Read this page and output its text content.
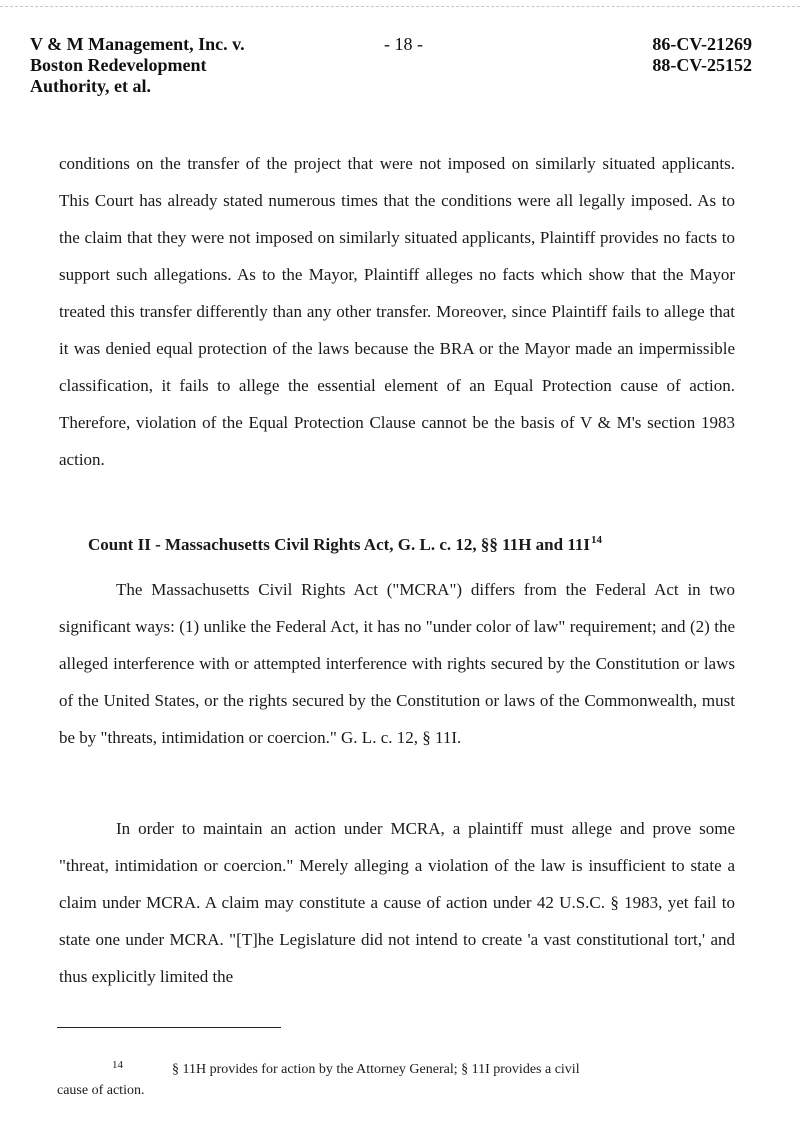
V & M Management, Inc. v.
Boston Redevelopment
Authority, et al.
- 18 -	86-CV-21269
88-CV-25152
conditions on the transfer of the project that were not imposed on similarly situated applicants. This Court has already stated numerous times that the conditions were all legally imposed. As to the claim that they were not imposed on similarly situated applicants, Plaintiff provides no facts to support such allegations. As to the Mayor, Plaintiff alleges no facts which show that the Mayor treated this transfer differently than any other transfer. Moreover, since Plaintiff fails to allege that it was denied equal protection of the laws because the BRA or the Mayor made an impermissible classification, it fails to allege the essential element of an Equal Protection cause of action. Therefore, violation of the Equal Protection Clause cannot be the basis of V & M's section 1983 action.
Count II - Massachusetts Civil Rights Act, G. L. c. 12, §§ 11H and $11I^{14}$
The Massachusetts Civil Rights Act ("MCRA") differs from the Federal Act in two significant ways: (1) unlike the Federal Act, it has no "under color of law" requirement; and (2) the alleged interference with or attempted interference with rights secured by the Constitution or laws of the United States, or the rights secured by the Constitution or laws of the Commonwealth, must be by "threats, intimidation or coercion." G. L. c. 12, § 11I.
In order to maintain an action under MCRA, a plaintiff must allege and prove some "threat, intimidation or coercion." Merely alleging a violation of the law is insufficient to state a claim under MCRA. A claim may constitute a cause of action under 42 U.S.C. § 1983, yet fail to state one under MCRA. "[T]he Legislature did not intend to create 'a vast constitutional tort,' and thus explicitly limited the
14	§ 11H provides for action by the Attorney General; § 11I provides a civil
cause of action.
